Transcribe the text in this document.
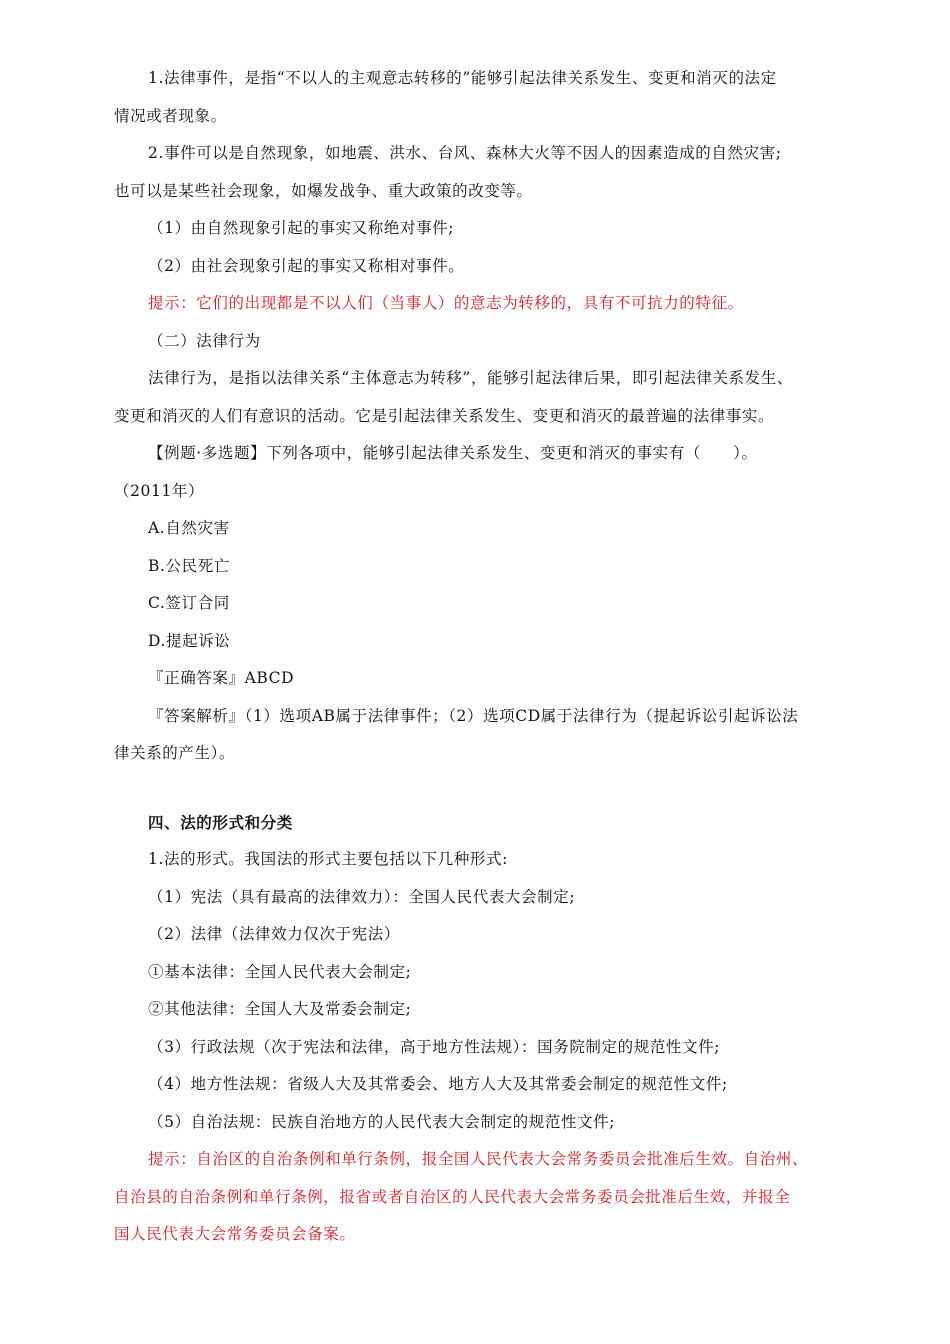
1.法律事件，是指“不以人的主观意志转移的”能够引起法律关系发生、变更和消灭的法定

情况或者现象。

2.事件可以是自然现象，如地震、洪水、台风、森林大火等不因人的因素造成的自然灾害;

也可以是某些社会现象，如爆发战争、重大政策的改变等。

（1）由自然现象引起的事实又称绝对事件;

（2）由社会现象引起的事实又称相对事件。

提示：它们的出现都是不以人们（当事人）的意志为转移的，具有不可抗力的特征。

（二）法律行为

法律行为，是指以法律关系“主体意志为转移”，能够引起法律后果，即引起法律关系发生、

变更和消灭的人们有意识的活动。它是引起法律关系发生、变更和消灭的最普遍的法律事实。

【例题·多选题】下列各项中，能够引起法律关系发生、变更和消灭的事实有（　　）。

（2011年）

A.自然灾害

B.公民死亡

C.签订合同

D.提起诉讼

『正确答案』ABCD

『答案解析』（1）选项AB属于法律事件；（2）选项CD属于法律行为（提起诉讼引起诉讼法

律关系的产生）。

四、法的形式和分类

1.法的形式。我国法的形式主要包括以下几种形式:

（1）宪法（具有最高的法律效力）：全国人民代表大会制定;

（2）法律（法律效力仅次于宪法）

①基本法律：全国人民代表大会制定;

②其他法律：全国人大及常委会制定;

（3）行政法规（次于宪法和法律，高于地方性法规）：国务院制定的规范性文件;

（4）地方性法规：省级人大及其常委会、地方人大及其常委会制定的规范性文件;

（5）自治法规：民族自治地方的人民代表大会制定的规范性文件;

提示：自治区的自治条例和单行条例，报全国人民代表大会常务委员会批准后生效。自治州、

自治县的自治条例和单行条例，报省或者自治区的人民代表大会常务委员会批准后生效，并报全

国人民代表大会常务委员会备案。
